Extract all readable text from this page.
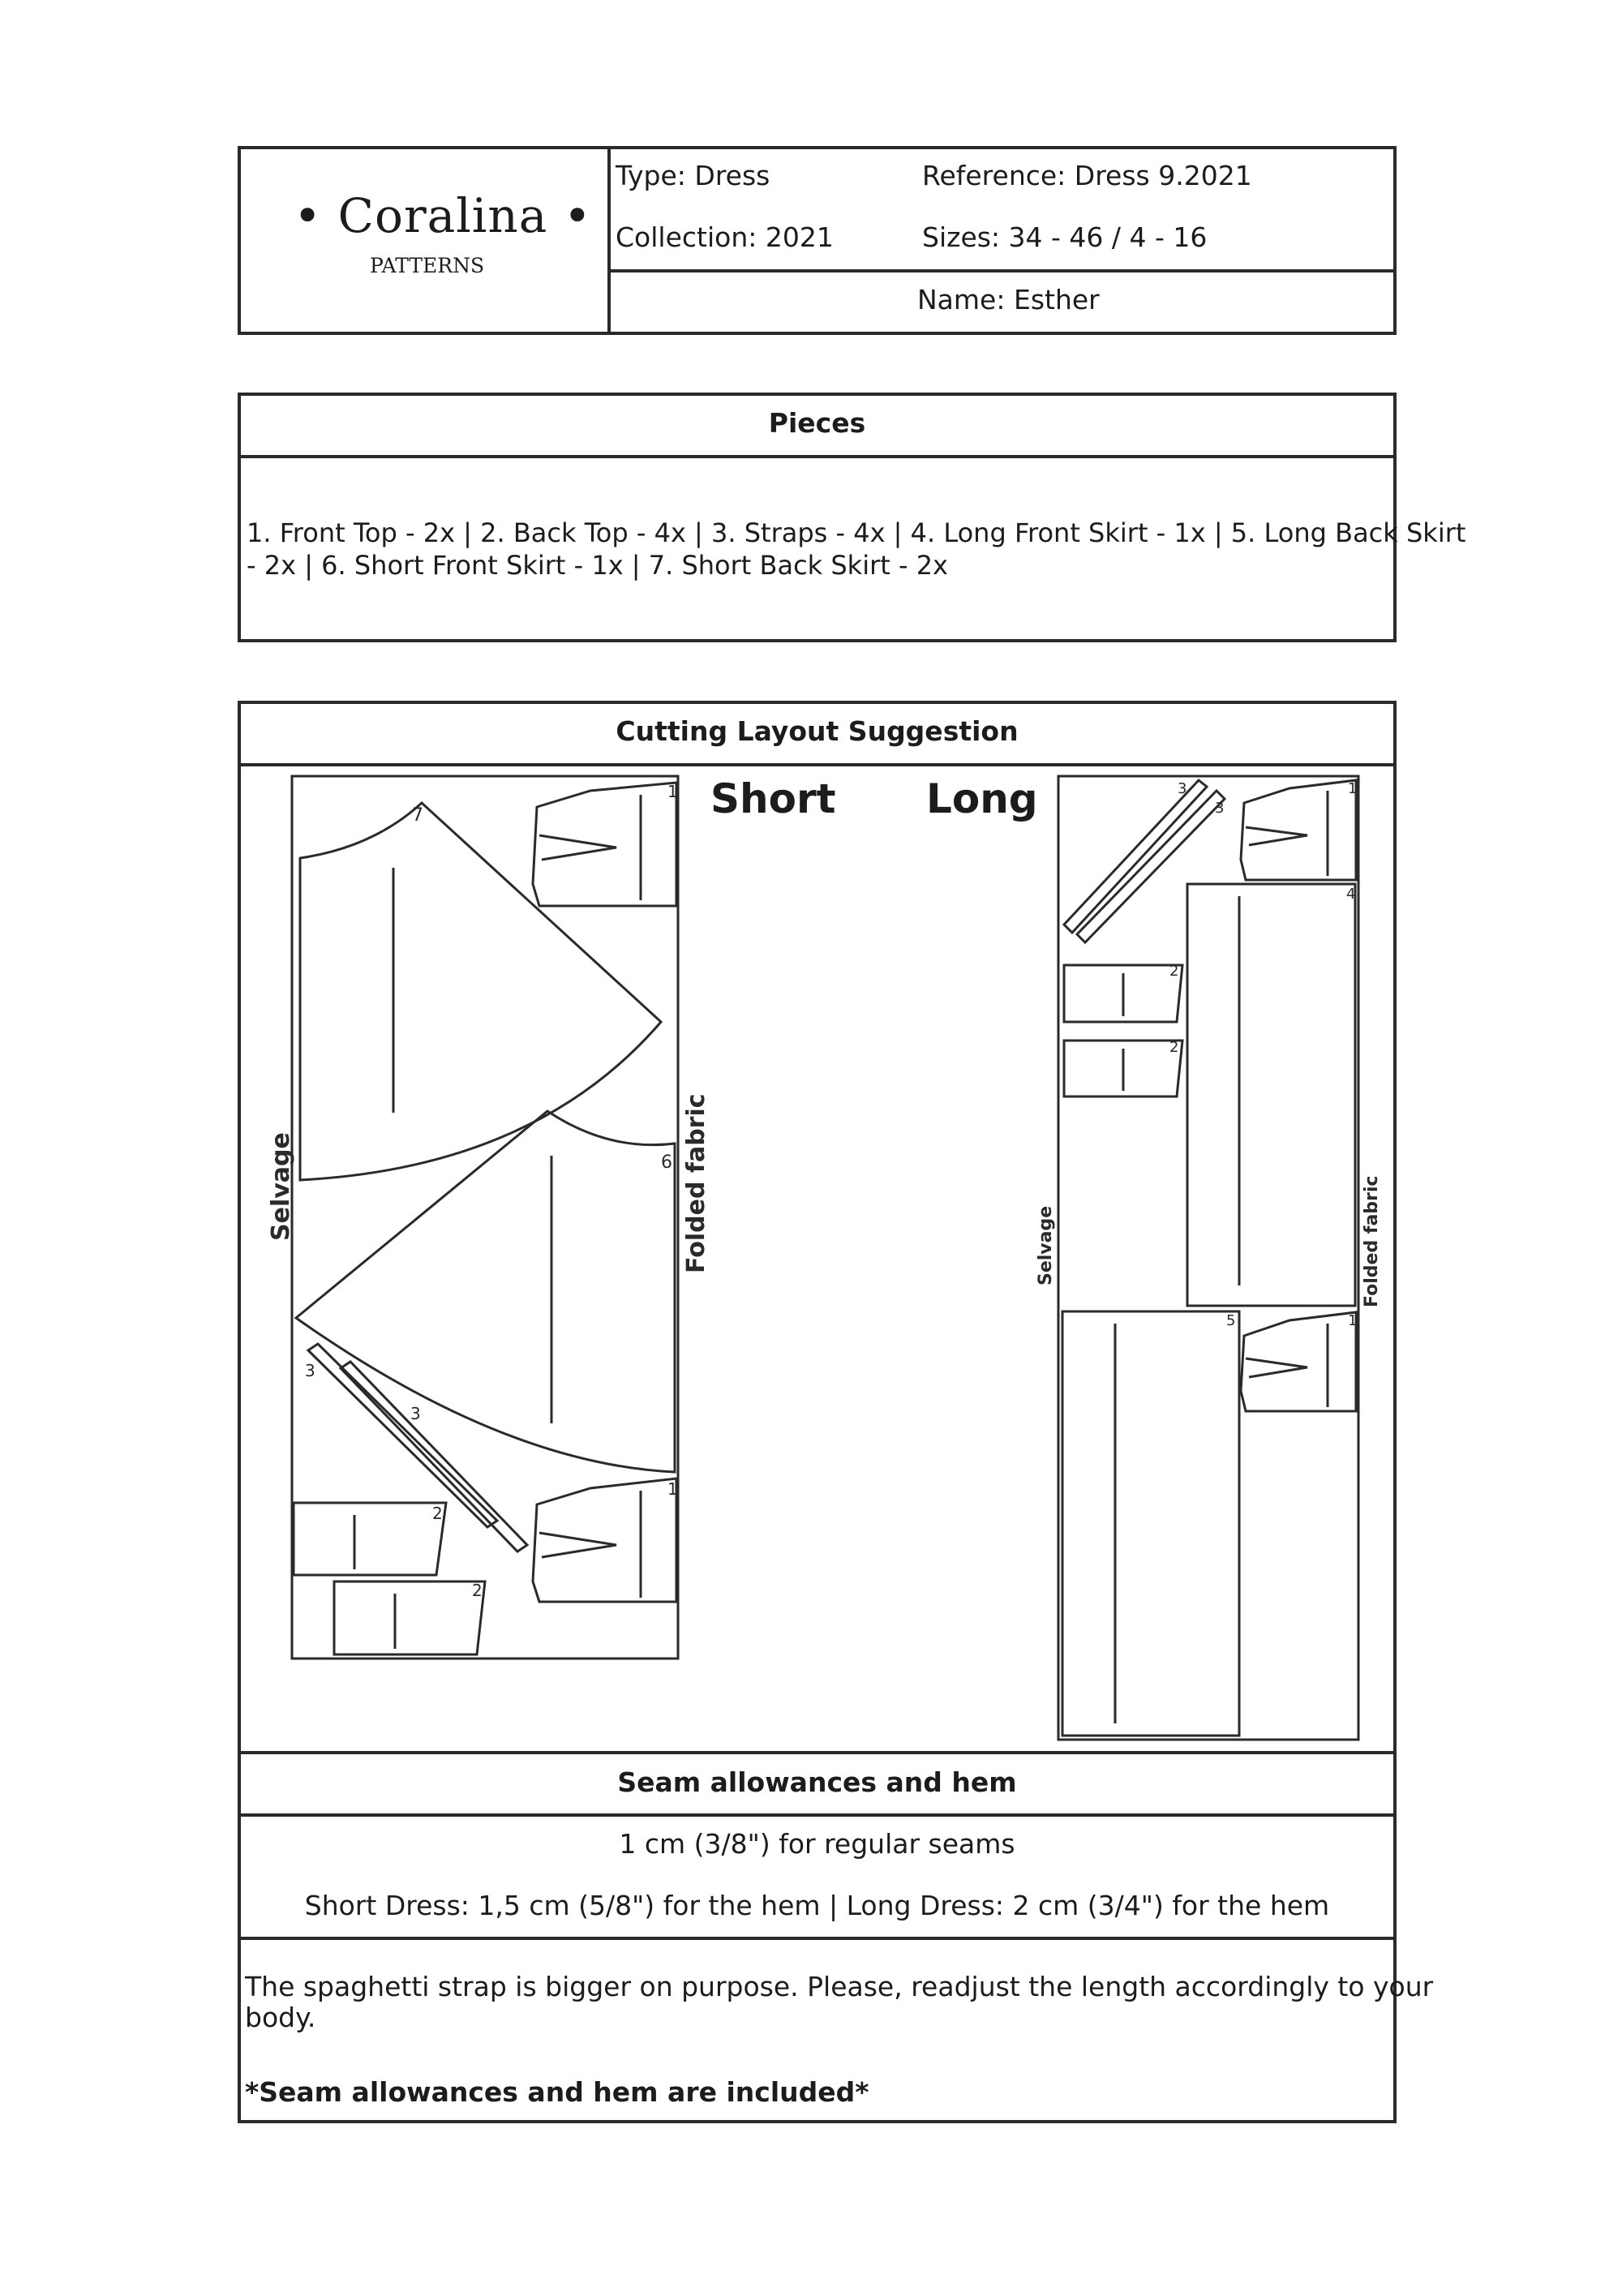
• Coralina •
PATTERNS
Type: Dress	Reference: Dress 9.2021
Collection: 2021	Sizes: 34 - 46 / 4 - 16
Name: Esther
Pieces
1. Front Top - 2x | 2. Back Top - 4x | 3. Straps - 4x | 4. Long Front Skirt - 1x | 5. Long Back Skirt
- 2x | 6. Short Front Skirt - 1x | 7. Short Back Skirt - 2x
Cutting Layout Suggestion
Seam allowances and hem
1 cm (3/8") for regular seams
Short Dress: 1,5 cm (5/8") for the hem | Long Dress: 2 cm (3/4") for the hem
The spaghetti strap is bigger on purpose. Please, readjust the length accordingly to your
body.
*Seam allowances and hem are included*
Short Long
7
6
1
1
3
3
2
2
Selvage	Folded fabric
3
3
1
4
2
2
5	1
Selvage	Folded fabric
